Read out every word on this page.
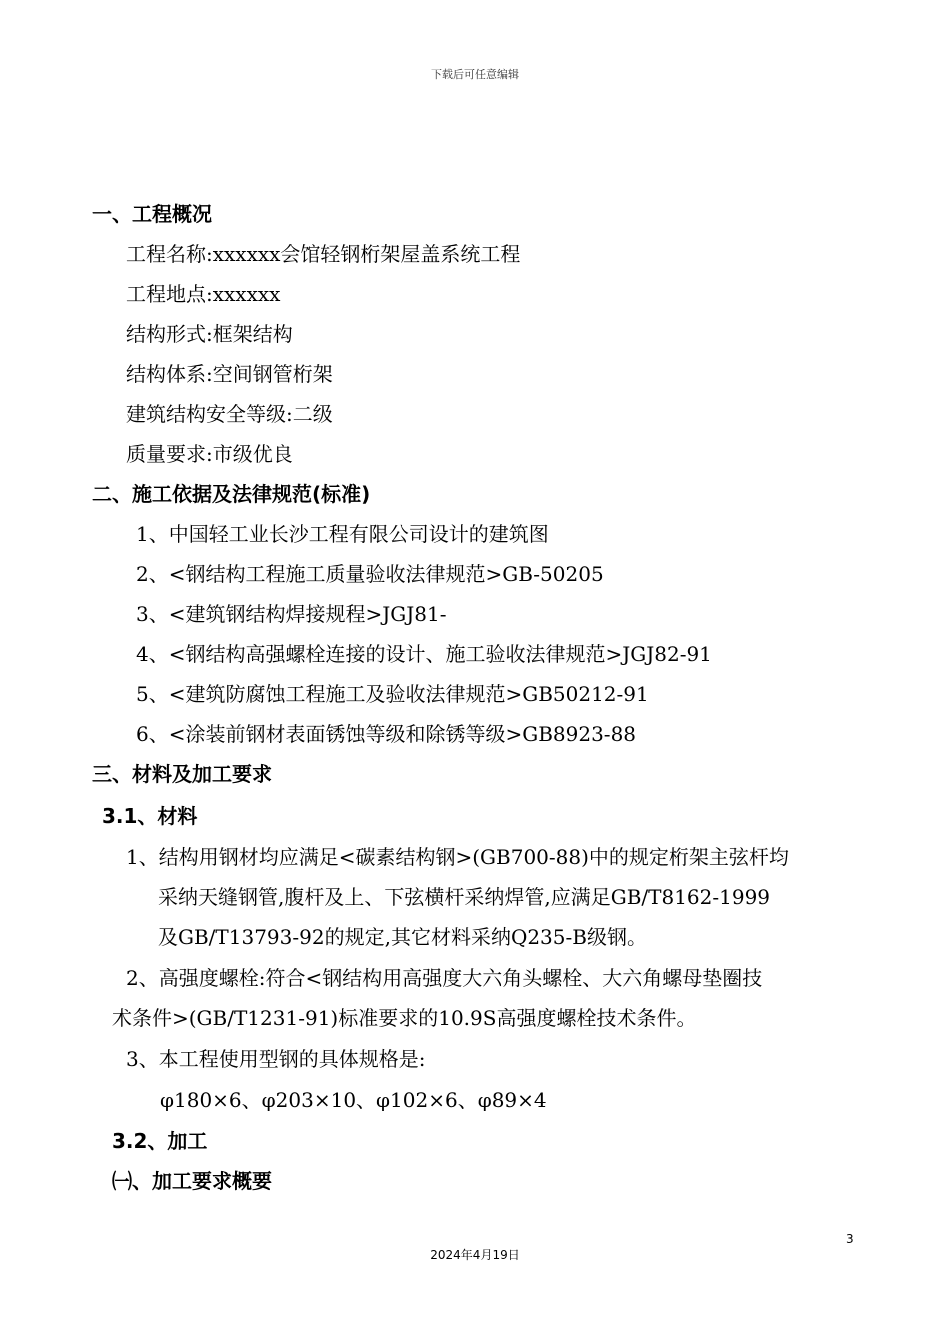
下载后可任意编辑
一、工程概况
工程名称:xxxxxx会馆轻钢桁架屋盖系统工程
工程地点:xxxxxx
结构形式:框架结构
结构体系:空间钢管桁架
建筑结构安全等级:二级
质量要求:市级优良
二、施工依据及法律规范(标准)
1、中国轻工业长沙工程有限公司设计的建筑图
2、<钢结构工程施工质量验收法律规范>GB-50205
3、<建筑钢结构焊接规程>JGJ81-
4、<钢结构高强螺栓连接的设计、施工验收法律规范>JGJ82-91
5、<建筑防腐蚀工程施工及验收法律规范>GB50212-91
6、<涂装前钢材表面锈蚀等级和除锈等级>GB8923-88
三、材料及加工要求
3.1、材料
1、结构用钢材均应满足<碳素结构钢>(GB700-88)中的规定桁架主弦杆均
采纳天缝钢管,腹杆及上、下弦横杆采纳焊管,应满足GB/T8162-1999
及GB/T13793-92的规定,其它材料采纳Q235-B级钢。
2、高强度螺栓:符合<钢结构用高强度大六角头螺栓、大六角螺母垫圈技
术条件>(GB/T1231-91)标准要求的10.9S高强度螺栓技术条件。
3、本工程使用型钢的具体规格是:
φ180×6、φ203×10、φ102×6、φ89×4
3.2、加工
㈠、加工要求概要
3
2024年4月19日
